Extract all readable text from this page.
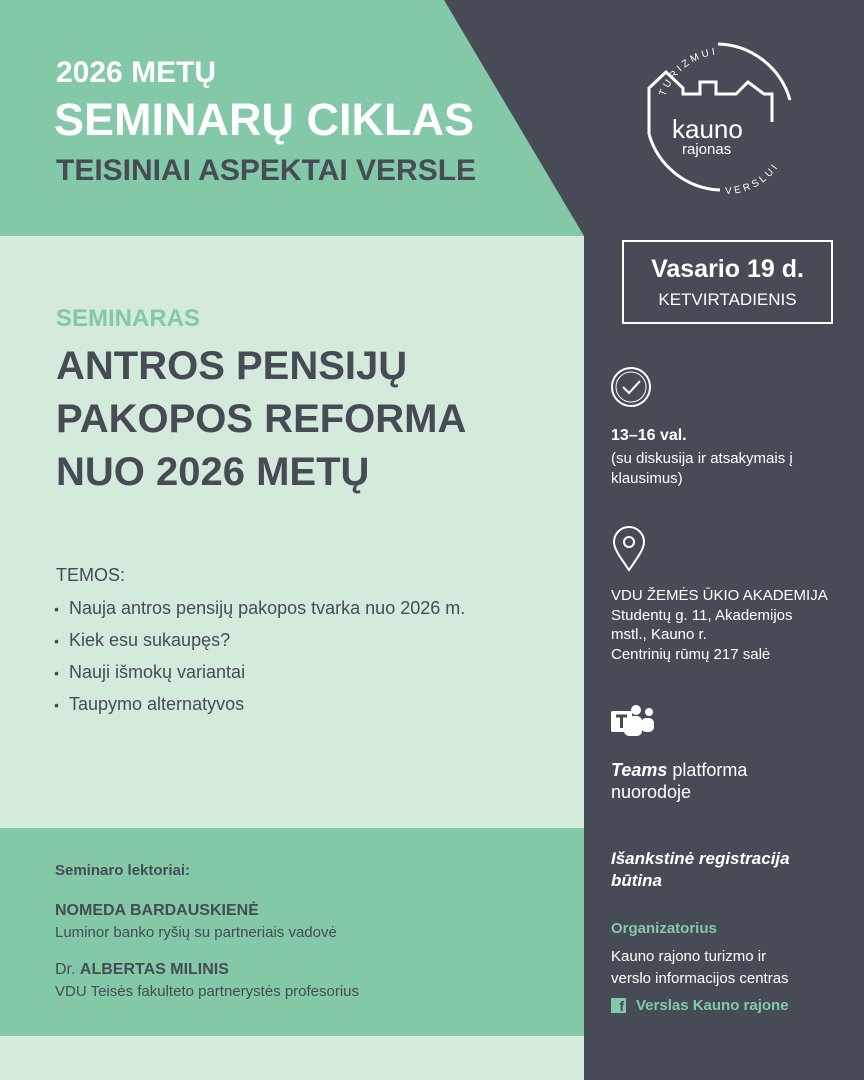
2026 METŲ
SEMINARŲ CIKLAS
TEISINIAI ASPEKTAI VERSLE
TURIZMUI
VERSLUI
kauno
rajonas
Vasario 19 d.
KETVIRTADIENIS
SEMINARAS
ANTROS PENSIJŲ
PAKOPOS REFORMA
NUO 2026 METŲ
TEMOS:
• Nauja antros pensijų pakopos tvarka nuo 2026 m.
• Kiek esu sukaupęs?
• Nauji išmokų variantai
• Taupymo alternatyvos
Seminaro lektoriai:
NOMEDA BARDAUSKIENĖ
Luminor banko ryšių su partneriais vadovė
Dr. ALBERTAS MILINIS
VDU Teisės fakulteto partnerystės profesorius
13–16 val.
(su diskusija ir atsakymais į klausimus)
VDU ŽEMĖS ŪKIO AKADEMIJA
Studentų g. 11, Akademijos
mstl., Kauno r.
Centrinių rūmų 217 salė
Teams platforma
nuorodoje
Išankstinė registracija
būtina
Organizatorius
Kauno rajono turizmo ir
verslo informacijos centras
f Verslas Kauno rajone
